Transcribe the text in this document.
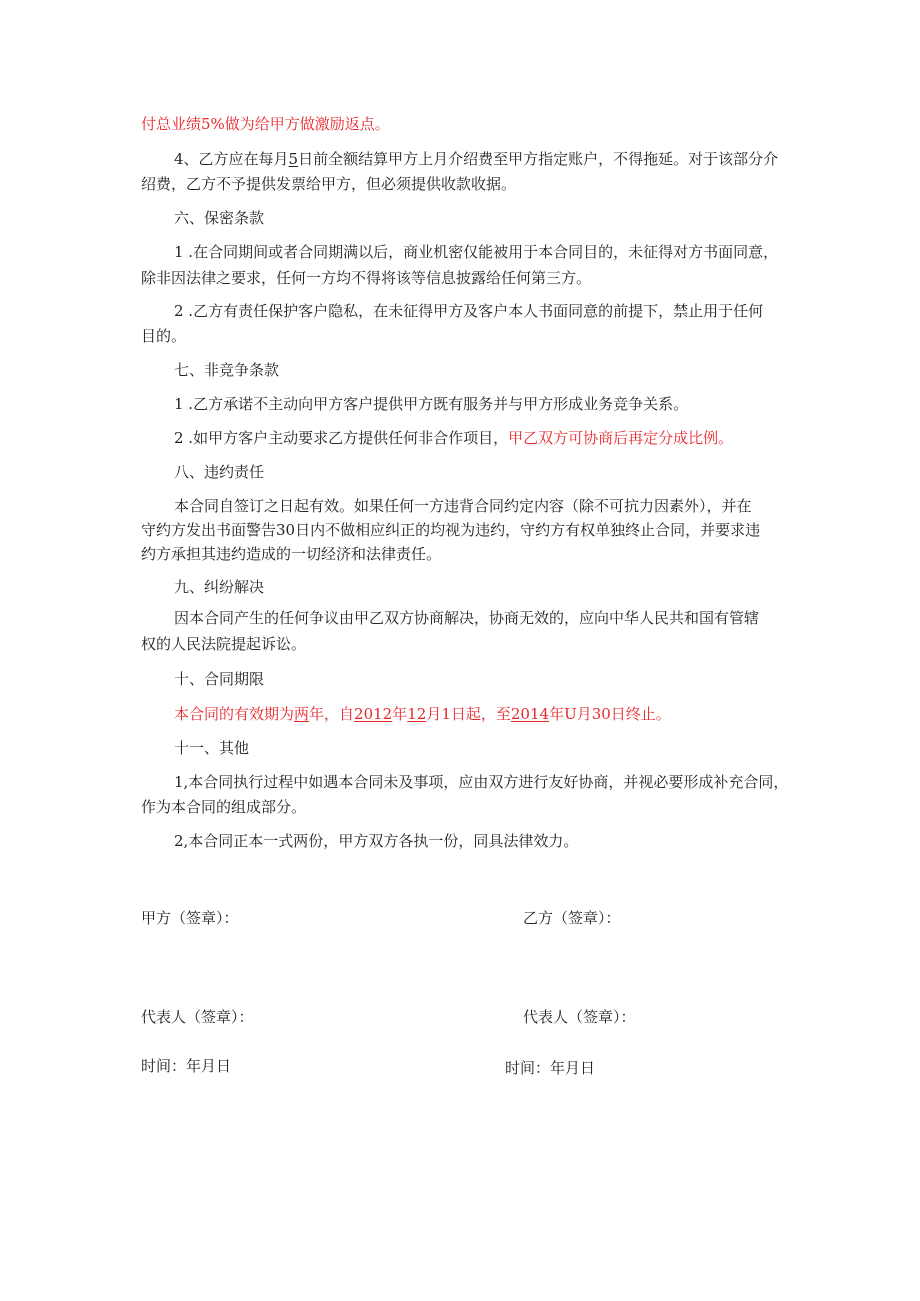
付总业绩5%做为给甲方做激励返点。
4、乙方应在每月5日前全额结算甲方上月介绍费至甲方指定账户，不得拖延。对于该部分介
绍费，乙方不予提供发票给甲方，但必须提供收款收据。
六、保密条款
1 .在合同期间或者合同期满以后，商业机密仅能被用于本合同目的，未征得对方书面同意，
除非因法律之要求，任何一方均不得将该等信息披露给任何第三方。
2 .乙方有责任保护客户隐私，在未征得甲方及客户本人书面同意的前提下，禁止用于任何
目的。
七、非竞争条款
1 .乙方承诺不主动向甲方客户提供甲方既有服务并与甲方形成业务竞争关系。
2 .如甲方客户主动要求乙方提供任何非合作项目，甲乙双方可协商后再定分成比例。
八、违约责任
本合同自签订之日起有效。如果任何一方违背合同约定内容（除不可抗力因素外），并在
守约方发出书面警告30日内不做相应纠正的均视为违约，守约方有权单独终止合同，并要求违
约方承担其违约造成的一切经济和法律责任。
九、纠纷解决
因本合同产生的任何争议由甲乙双方协商解决，协商无效的，应向中华人民共和国有管辖
权的人民法院提起诉讼。
十、合同期限
本合同的有效期为两年，自2012年12月1日起，至2014年U月30日终止。
十一、其他
1,本合同执行过程中如遇本合同未及事项，应由双方进行友好协商，并视必要形成补充合同，
作为本合同的组成部分。
2,本合同正本一式两份，甲方双方各执一份，同具法律效力。
甲方（签章）：	乙方（签章）：
代表人（签章）：	代表人（签章）：
时间：年月日	时间：年月日
